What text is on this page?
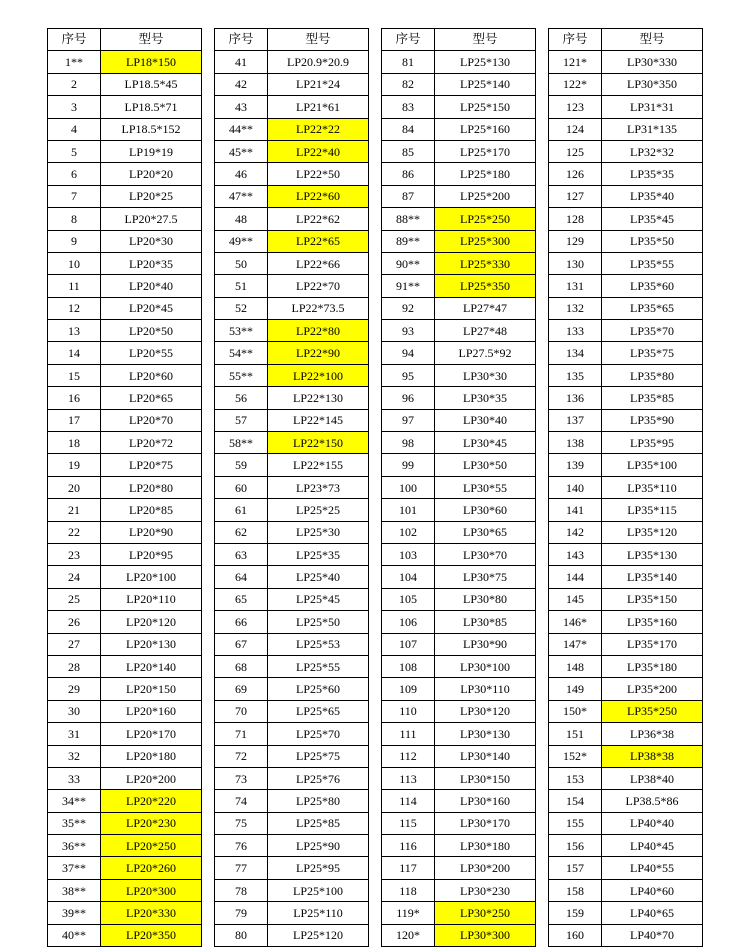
序号	型号
1**	LP18*150
2	LP18.5*45
3	LP18.5*71
4	LP18.5*152
5	LP19*19
6	LP20*20
7	LP20*25
8	LP20*27.5
9	LP20*30
10	LP20*35
11	LP20*40
12	LP20*45
13	LP20*50
14	LP20*55
15	LP20*60
16	LP20*65
17	LP20*70
18	LP20*72
19	LP20*75
20	LP20*80
21	LP20*85
22	LP20*90
23	LP20*95
24	LP20*100
25	LP20*110
26	LP20*120
27	LP20*130
28	LP20*140
29	LP20*150
30	LP20*160
31	LP20*170
32	LP20*180
33	LP20*200
34**	LP20*220
35**	LP20*230
36**	LP20*250
37**	LP20*260
38**	LP20*300
39**	LP20*330
40**	LP20*350
序号	型号
41	LP20.9*20.9
42	LP21*24
43	LP21*61
44**	LP22*22
45**	LP22*40
46	LP22*50
47**	LP22*60
48	LP22*62
49**	LP22*65
50	LP22*66
51	LP22*70
52	LP22*73.5
53**	LP22*80
54**	LP22*90
55**	LP22*100
56	LP22*130
57	LP22*145
58**	LP22*150
59	LP22*155
60	LP23*73
61	LP25*25
62	LP25*30
63	LP25*35
64	LP25*40
65	LP25*45
66	LP25*50
67	LP25*53
68	LP25*55
69	LP25*60
70	LP25*65
71	LP25*70
72	LP25*75
73	LP25*76
74	LP25*80
75	LP25*85
76	LP25*90
77	LP25*95
78	LP25*100
79	LP25*110
80	LP25*120
序号	型号
81	LP25*130
82	LP25*140
83	LP25*150
84	LP25*160
85	LP25*170
86	LP25*180
87	LP25*200
88**	LP25*250
89**	LP25*300
90**	LP25*330
91**	LP25*350
92	LP27*47
93	LP27*48
94	LP27.5*92
95	LP30*30
96	LP30*35
97	LP30*40
98	LP30*45
99	LP30*50
100	LP30*55
101	LP30*60
102	LP30*65
103	LP30*70
104	LP30*75
105	LP30*80
106	LP30*85
107	LP30*90
108	LP30*100
109	LP30*110
110	LP30*120
111	LP30*130
112	LP30*140
113	LP30*150
114	LP30*160
115	LP30*170
116	LP30*180
117	LP30*200
118	LP30*230
119*	LP30*250
120*	LP30*300
序号	型号
121*	LP30*330
122*	LP30*350
123	LP31*31
124	LP31*135
125	LP32*32
126	LP35*35
127	LP35*40
128	LP35*45
129	LP35*50
130	LP35*55
131	LP35*60
132	LP35*65
133	LP35*70
134	LP35*75
135	LP35*80
136	LP35*85
137	LP35*90
138	LP35*95
139	LP35*100
140	LP35*110
141	LP35*115
142	LP35*120
143	LP35*130
144	LP35*140
145	LP35*150
146*	LP35*160
147*	LP35*170
148	LP35*180
149	LP35*200
150*	LP35*250
151	LP36*38
152*	LP38*38
153	LP38*40
154	LP38.5*86
155	LP40*40
156	LP40*45
157	LP40*55
158	LP40*60
159	LP40*65
160	LP40*70
